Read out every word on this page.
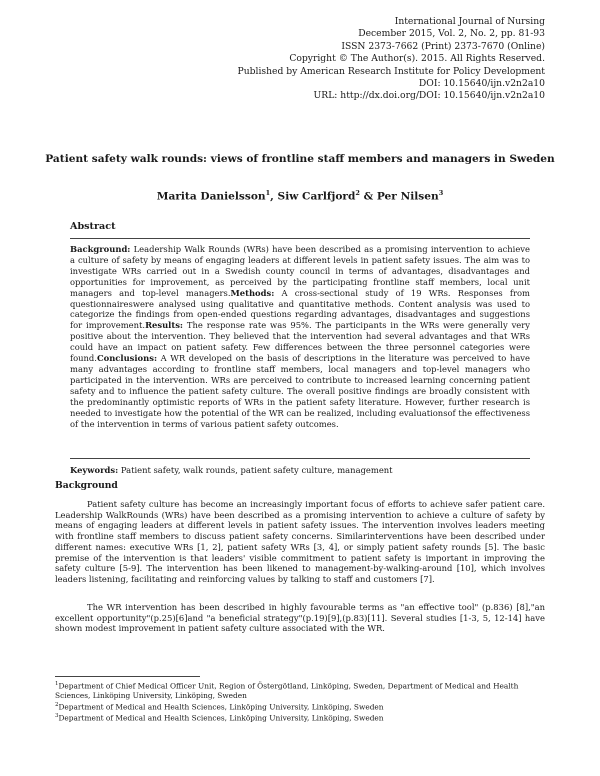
International Journal of Nursing
December 2015, Vol. 2, No. 2, pp. 81-93
ISSN 2373-7662 (Print) 2373-7670 (Online)
Copyright © The Author(s). 2015. All Rights Reserved.
Published by American Research Institute for Policy Development
DOI: 10.15640/ijn.v2n2a10
URL: http://dx.doi.org/DOI: 10.15640/ijn.v2n2a10
Patient safety walk rounds: views of frontline staff members and managers in Sweden
Marita Danielsson$^1$, Siw Carlfjord$^2$ & Per Nilsen$^3$
Abstract
Background: Leadership Walk Rounds (WRs) have been described as a promising intervention to achieve a culture of safety by means of engaging leaders at different levels in patient safety issues. The aim was to investigate WRs carried out in a Swedish county council in terms of advantages, disadvantages and opportunities for improvement, as perceived by the participating frontline staff members, local unit managers and top-level managers.Methods: A cross-sectional study of 19 WRs. Responses from questionnaireswere analysed using qualitative and quantitative methods. Content analysis was used to categorize the findings from open-ended questions regarding advantages, disadvantages and suggestions for improvement.Results: The response rate was 95%. The participants in the WRs were generally very positive about the intervention. They believed that the intervention had several advantages and that WRs could have an impact on patient safety. Few differences between the three personnel categories were found.Conclusions: A WR developed on the basis of descriptions in the literature was perceived to have many advantages according to frontline staff members, local managers and top-level managers who participated in the intervention. WRs are perceived to contribute to increased learning concerning patient safety and to influence the patient safety culture. The overall positive findings are broadly consistent with the predominantly optimistic reports of WRs in the patient safety literature. However, further research is needed to investigate how the potential of the WR can be realized, including evaluationsof the effectiveness of the intervention in terms of various patient safety outcomes.
Keywords: Patient safety, walk rounds, patient safety culture, management
Background

Patient safety culture has become an increasingly important focus of efforts to achieve safer patient care. Leadership WalkRounds (WRs) have been described as a promising intervention to achieve a culture of safety by means of engaging leaders at different levels in patient safety issues. The intervention involves leaders meeting with frontline staff members to discuss patient safety concerns. Similarinterventions have been described under different names: executive WRs [1, 2], patient safety WRs [3, 4], or simply patient safety rounds [5]. The basic premise of the intervention is that leaders' visible commitment to patient safety is important in improving the safety culture [5-9]. The intervention has been likened to management-by-walking-around [10], which involves leaders listening, facilitating and reinforcing values by talking to staff and customers [7].

The WR intervention has been described in highly favourable terms as "an effective tool" (p.836) [8],"an excellent opportunity"(p.25)[6]and "a beneficial strategy"(p.19)[9],(p.83)[11]. Several studies [1-3, 5, 12-14] have shown modest improvement in patient safety culture associated with the WR.

$^1$Department of Chief Medical Officer Unit, Region of Östergötland, Linköping, Sweden, Department of Medical and Health Sciences, Linköping University, Linköping, Sweden
$^2$Department of Medical and Health Sciences, Linköping University, Linköping, Sweden
$^3$Department of Medical and Health Sciences, Linköping University, Linköping, Sweden
